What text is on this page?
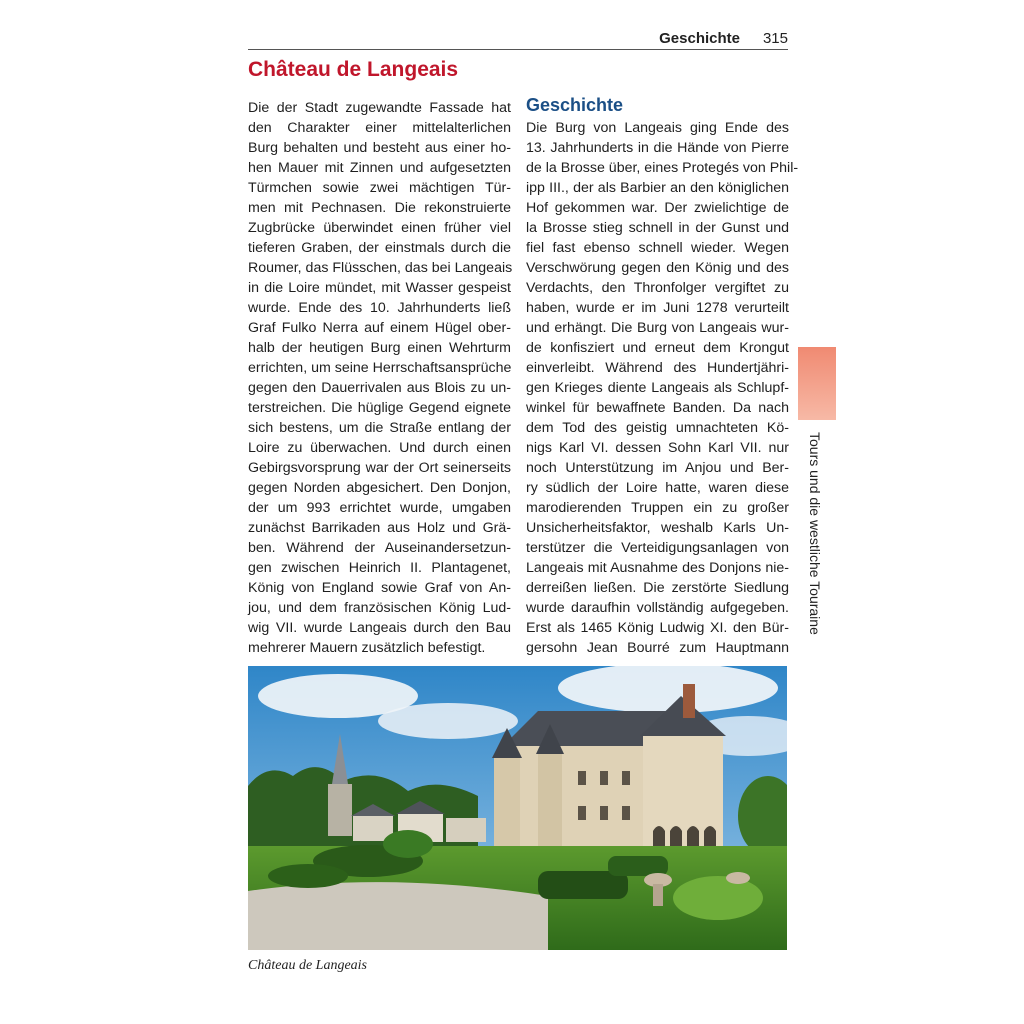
Geschichte 315
Château de Langeais
Die der Stadt zugewandte Fassade hat
den Charakter einer mittelalterlichen
Burg behalten und besteht aus einer ho-
hen Mauer mit Zinnen und aufgesetzten
Türmchen sowie zwei mächtigen Tür-
men mit Pechnasen. Die rekonstruierte
Zugbrücke überwindet einen früher viel
tieferen Graben, der einstmals durch die
Roumer, das Flüsschen, das bei Langeais
in die Loire mündet, mit Wasser gespeist
wurde. Ende des 10. Jahrhunderts ließ
Graf Fulko Nerra auf einem Hügel ober-
halb der heutigen Burg einen Wehrturm
errichten, um seine Herrschaftsansprüche
gegen den Dauerrivalen aus Blois zu un-
terstreichen. Die hüglige Gegend eignete
sich bestens, um die Straße entlang der
Loire zu überwachen. Und durch einen
Gebirgsvorsprung war der Ort seinerseits
gegen Norden abgesichert. Den Donjon,
der um 993 errichtet wurde, umgaben
zunächst Barrikaden aus Holz und Grä-
ben. Während der Auseinandersetzun-
gen zwischen Heinrich II. Plantagenet,
König von England sowie Graf von An-
jou, und dem französischen König Lud-
wig VII. wurde Langeais durch den Bau
mehrerer Mauern zusätzlich befestigt.
Geschichte
Die Burg von Langeais ging Ende des
13. Jahrhunderts in die Hände von Pierre
de la Brosse über, eines Protegés von Phil-
ipp III., der als Barbier an den königlichen
Hof gekommen war. Der zwielichtige de
la Brosse stieg schnell in der Gunst und
fiel fast ebenso schnell wieder. Wegen
Verschwörung gegen den König und des
Verdachts, den Thronfolger vergiftet zu
haben, wurde er im Juni 1278 verurteilt
und erhängt. Die Burg von Langeais wur-
de konfisziert und erneut dem Krongut
einverleibt. Während des Hundertjähri-
gen Krieges diente Langeais als Schlupf-
winkel für bewaffnete Banden. Da nach
dem Tod des geistig umnachteten Kö-
nigs Karl VI. dessen Sohn Karl VII. nur
noch Unterstützung im Anjou und Ber-
ry südlich der Loire hatte, waren diese
marodierenden Truppen ein zu großer
Unsicherheitsfaktor, weshalb Karls Un-
terstützer die Verteidigungsanlagen von
Langeais mit Ausnahme des Donjons nie-
derreißen ließen. Die zerstörte Siedlung
wurde daraufhin vollständig aufgegeben.
Erst als 1465 König Ludwig XI. den Bür-
gersohn Jean Bourré zum Hauptmann
Tours und die westliche Touraine
Château de Langeais
